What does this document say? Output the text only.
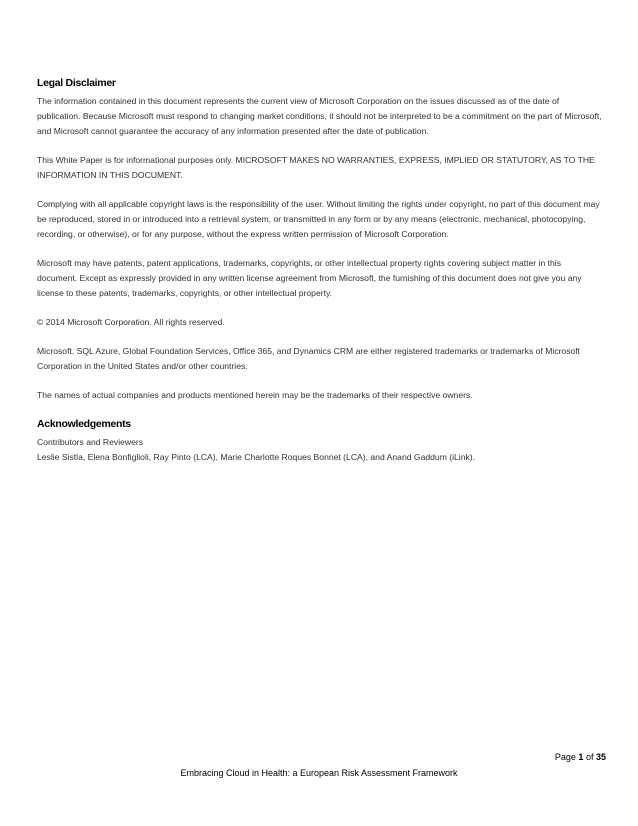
Legal Disclaimer

The information contained in this document represents the current view of Microsoft Corporation on the issues discussed as of the date of publication. Because Microsoft must respond to changing market conditions, it should not be interpreted to be a commitment on the part of Microsoft, and Microsoft cannot guarantee the accuracy of any information presented after the date of publication.

This White Paper is for informational purposes only. MICROSOFT MAKES NO WARRANTIES, EXPRESS, IMPLIED OR STATUTORY, AS TO THE INFORMATION IN THIS DOCUMENT.

Complying with all applicable copyright laws is the responsibility of the user. Without limiting the rights under copyright, no part of this document may be reproduced, stored in or introduced into a retrieval system, or transmitted in any form or by any means (electronic, mechanical, photocopying, recording, or otherwise), or for any purpose, without the express written permission of Microsoft Corporation.

Microsoft may have patents, patent applications, trademarks, copyrights, or other intellectual property rights covering subject matter in this document. Except as expressly provided in any written license agreement from Microsoft, the furnishing of this document does not give you any license to these patents, trademarks, copyrights, or other intellectual property.

© 2014 Microsoft Corporation. All rights reserved.

Microsoft, SQL Azure, Global Foundation Services, Office 365, and Dynamics CRM are either registered trademarks or trademarks of Microsoft Corporation in the United States and/or other countries.

The names of actual companies and products mentioned herein may be the trademarks of their respective owners.

Acknowledgements

Contributors and Reviewers

Leslie Sistla, Elena Bonfiglioli, Ray Pinto (LCA), Marie Charlotte Roques Bonnet (LCA), and Anand Gaddum (iLink).

Page 1 of 35
Embracing Cloud in Health: a European Risk Assessment Framework
